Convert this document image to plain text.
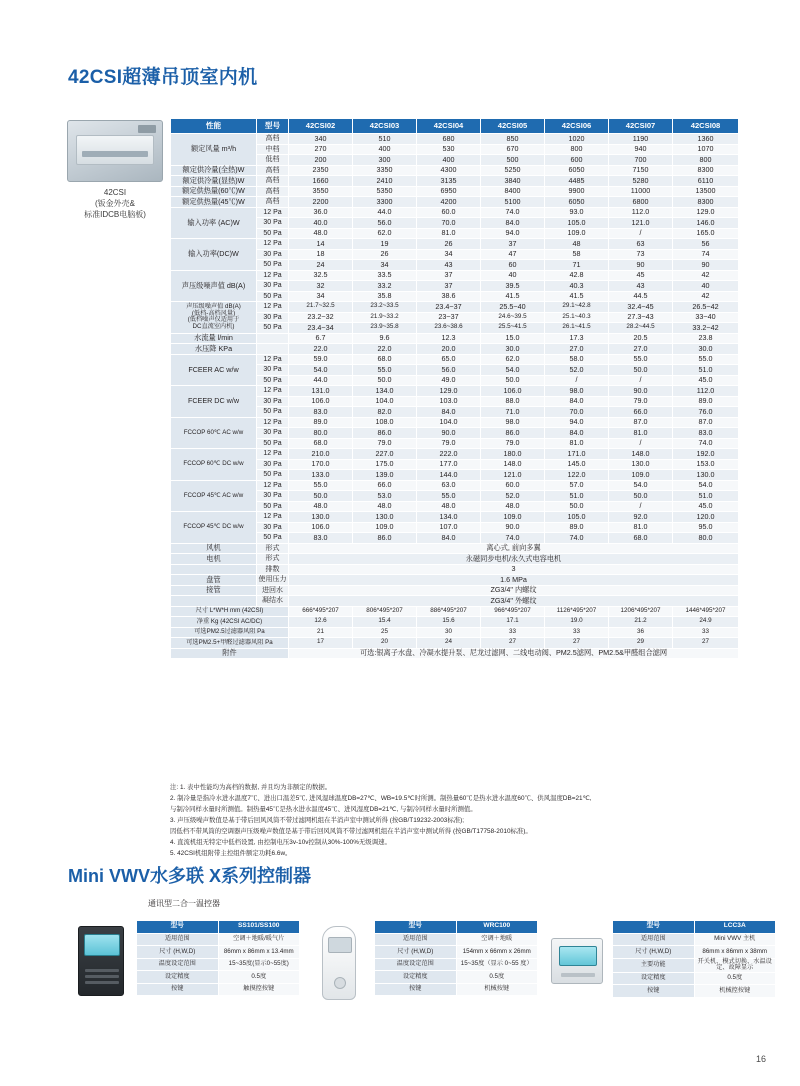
42CSI超薄吊顶室内机
42CSI
(钣金外壳&
标准IDCB电脑板)
性能	型号	42CSI02	42CSI03	42CSI04	42CSI05	42CSI06	42CSI07	42CSI08
额定风量 m³/h	高档	340	510	680	850	1020	1190	1360
	中档	270	400	530	670	800	940	1070
	低档	200	300	400	500	600	700	800
额定供冷量(全热)W	高档	2350	3350	4300	5250	6050	7150	8300
额定供冷量(显热)W	高档	1660	2410	3135	3840	4485	5280	6110
额定供热量(60℃)W	高档	3550	5350	6950	8400	9900	11000	13500
额定供热量(45℃)W	高档	2200	3300	4200	5100	6050	6800	8300
输入功率 (AC)W	12 Pa	36.0	44.0	60.0	74.0	93.0	112.0	129.0
	30 Pa	40.0	56.0	70.0	84.0	105.0	121.0	146.0
	50 Pa	48.0	62.0	81.0	94.0	109.0	/	165.0
输入功率(DC)W	12 Pa	14	19	26	37	48	63	56
	30 Pa	18	26	34	47	58	73	74
	50 Pa	24	34	43	60	71	90	90
声压级噪声值 dB(A)	12 Pa	32.5	33.5	37	40	42.8	45	42
	30 Pa	32	33.2	37	39.5	40.3	43	40
	50 Pa	34	35.8	38.6	41.5	41.5	44.5	42
声压级噪声值 dB(A)
(低档-高档风量)
(低档噪声仅适用于
DC直流室内机)	12 Pa	21.7~32.5	23.2~33.5	23.4~37	25.5~40	29.1~42.8	32.4~45	26.5~42
	30 Pa	23.2~32	21.9~33.2	23~37	24.6~39.5	25.1~40.3	27.3~43	33~40
	50 Pa	23.4~34	23.9~35.8	23.6~38.6	25.5~41.5	26.1~41.5	28.2~44.5	33.2~42
水流量 l/min		6.7	9.6	12.3	15.0	17.3	20.5	23.8
水压降 KPa		22.0	22.0	20.0	30.0	27.0	27.0	30.0
FCEER AC w/w	12 Pa	59.0	68.0	65.0	62.0	58.0	55.0	55.0
	30 Pa	54.0	55.0	56.0	54.0	52.0	50.0	51.0
	50 Pa	44.0	50.0	49.0	50.0	/	/	45.0
FCEER DC w/w	12 Pa	131.0	134.0	129.0	106.0	98.0	90.0	112.0
	30 Pa	106.0	104.0	103.0	88.0	84.0	79.0	89.0
	50 Pa	83.0	82.0	84.0	71.0	70.0	66.0	76.0
FCCOP 60℃ AC w/w	12 Pa	89.0	108.0	104.0	98.0	94.0	87.0	87.0
	30 Pa	80.0	86.0	90.0	86.0	84.0	81.0	83.0
	50 Pa	68.0	79.0	79.0	79.0	81.0	/	74.0
FCCOP 60℃ DC w/w	12 Pa	210.0	227.0	222.0	180.0	171.0	148.0	192.0
	30 Pa	170.0	175.0	177.0	148.0	145.0	130.0	153.0
	50 Pa	133.0	139.0	144.0	121.0	122.0	109.0	130.0
FCCOP 45℃ AC w/w	12 Pa	55.0	66.0	63.0	60.0	57.0	54.0	54.0
	30 Pa	50.0	53.0	55.0	52.0	51.0	50.0	51.0
	50 Pa	48.0	48.0	48.0	48.0	50.0	/	45.0
FCCOP 45℃ DC w/w	12 Pa	130.0	130.0	134.0	109.0	105.0	92.0	120.0
	30 Pa	106.0	109.0	107.0	90.0	89.0	81.0	95.0
	50 Pa	83.0	86.0	84.0	74.0	74.0	68.0	80.0
风机	形式	离心式, 前向多翼						
电机	形式	永磁同步电机/永久式电容电机						
	排数	3						
盘管	使用压力	1.6 MPa						
接管	进回水	ZG3/4" 内螺纹						
	凝结水	ZG3/4" 外螺纹						
尺寸 L*W*H mm (42CSI)		666*495*207	806*495*207	886*495*207	966*495*207	1126*495*207	1206*495*207	1446*495*207
净重 Kg (42CSI AC/DC)		12.6	15.4	15.6	17.1	19.0	21.2	24.9
可选PM2.5过滤器风阻 Pa		21	25	30	33	33	36	33
可选PM2.5+甲醛过滤器风阻 Pa		17	20	24	27	27	29	27
附件		可选:银离子水盘、冷凝水提升泵、尼龙过滤网、二线电动阀、PM2.5滤网、PM2.5&甲醛组合滤网						
注: 1. 表中性能均为高档的数据, 并且均为非额定的数据。
2. 制冷量是指冷水进水温度7℃、进出口温差5℃, 进风湿球温度DB=27℃、WB=19.5℃时所测。制热量60℃是热水进水温度60℃、供风温度DB=21℃,
与制冷同样水量时所测值。制热量45℃是热水进水温度45℃、进风湿度DB=21℃, 与制冷同样水量时所测值。
3. 声压级噪声数值是基于带后回风风筒不带过滤网机组在半消声室中测试所得 (按GB/T19232-2003标准);
因低档不带风筒的空调器声压级噪声数值是基于带后回风风筒不带过滤网机组在半消声室中测试所得 (按GB/T17758-2010标准)。
4. 直流机组无特定中低档设置, 由控制电压3v-10v控制从30%-100%无级调速。
5. 42CSI机组附带主控组件额定功耗6.6w。
Mini VWV水多联 X系列控制器
通讯型二合一温控器
型号	SS101/SS100
适用范围	空调＋地暖/暖气片
尺寸 (H,W,D)	86mm x 86mm x 13.4mm
温度设定范围	15~35度(显示0~55度)
设定精度	0.5度
按键	触摸控按键
型号	WRC100
适用范围	空调＋地暖
尺寸 (H,W,D)	154mm x 66mm x 26mm
温度设定范围	15~35度（显示 0~55 度）
设定精度	0.5度
按键	机械按键
型号	LCC3A
适用范围	Mini VWV 主机
尺寸 (H,W,D)	86mm x 86mm x 38mm
主要功能	开关机、模式切换、水温设定、故障显示
设定精度	0.5度
按键	机械控按键
16
